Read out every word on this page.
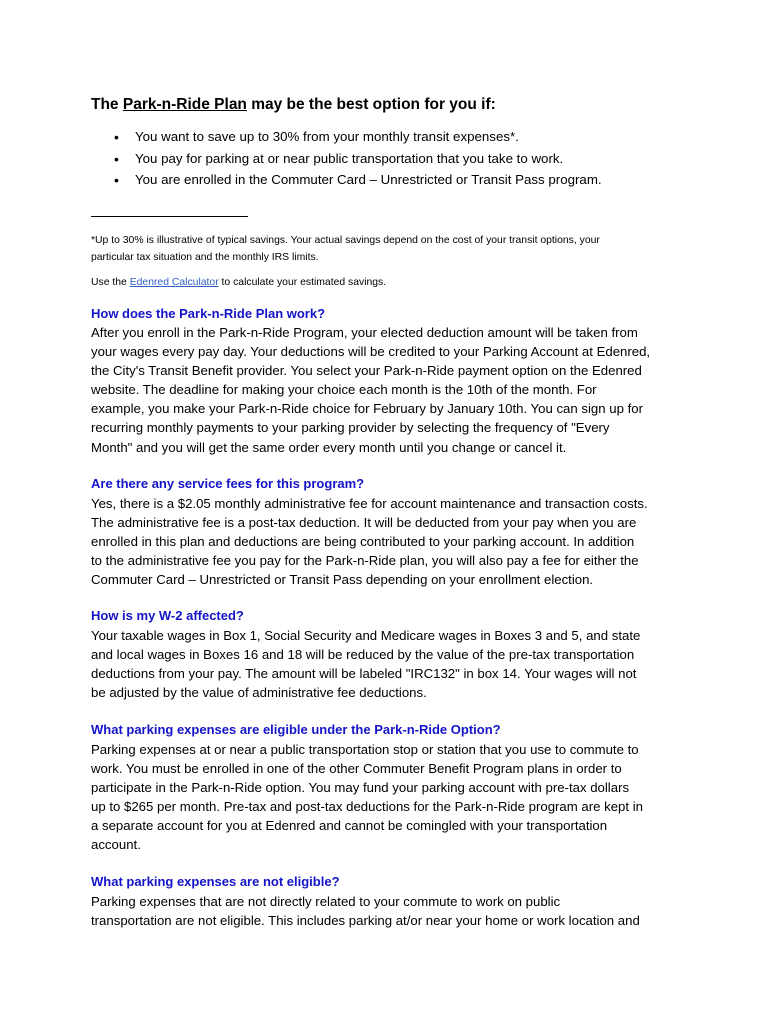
The Park-n-Ride Plan may be the best option for you if:
• You want to save up to 30% from your monthly transit expenses*.
• You pay for parking at or near public transportation that you take to work.
• You are enrolled in the Commuter Card – Unrestricted or Transit Pass program.
*Up to 30% is illustrative of typical savings. Your actual savings depend on the cost of your transit options, your
particular tax situation and the monthly IRS limits.
Use the Edenred Calculator to calculate your estimated savings.
How does the Park-n-Ride Plan work?
After you enroll in the Park-n-Ride Program, your elected deduction amount will be taken from
your wages every pay day. Your deductions will be credited to your Parking Account at Edenred,
the City's Transit Benefit provider. You select your Park-n-Ride payment option on the Edenred
website. The deadline for making your choice each month is the 10th of the month. For
example, you make your Park-n-Ride choice for February by January 10th. You can sign up for
recurring monthly payments to your parking provider by selecting the frequency of "Every
Month" and you will get the same order every month until you change or cancel it.
Are there any service fees for this program?
Yes, there is a $2.05 monthly administrative fee for account maintenance and transaction costs.
The administrative fee is a post-tax deduction. It will be deducted from your pay when you are
enrolled in this plan and deductions are being contributed to your parking account. In addition
to the administrative fee you pay for the Park-n-Ride plan, you will also pay a fee for either the
Commuter Card – Unrestricted or Transit Pass depending on your enrollment election.
How is my W-2 affected?
Your taxable wages in Box 1, Social Security and Medicare wages in Boxes 3 and 5, and state
and local wages in Boxes 16 and 18 will be reduced by the value of the pre-tax transportation
deductions from your pay. The amount will be labeled "IRC132" in box 14. Your wages will not
be adjusted by the value of administrative fee deductions.
What parking expenses are eligible under the Park-n-Ride Option?
Parking expenses at or near a public transportation stop or station that you use to commute to
work. You must be enrolled in one of the other Commuter Benefit Program plans in order to
participate in the Park-n-Ride option. You may fund your parking account with pre-tax dollars
up to $265 per month. Pre-tax and post-tax deductions for the Park-n-Ride program are kept in
a separate account for you at Edenred and cannot be comingled with your transportation
account.
What parking expenses are not eligible?
Parking expenses that are not directly related to your commute to work on public
transportation are not eligible. This includes parking at/or near your home or work location and
